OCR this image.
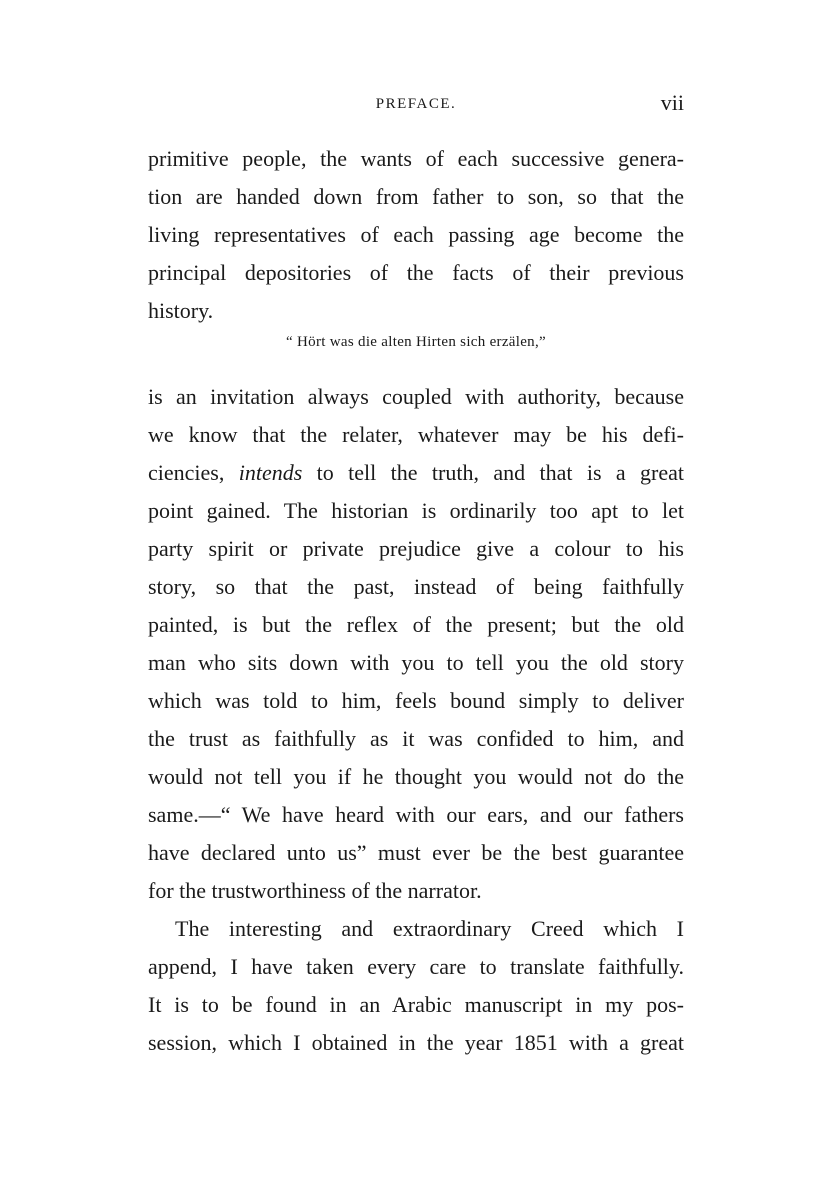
PREFACE.	vii
primitive people, the wants of each successive genera-
tion are handed down from father to son, so that the
living representatives of each passing age become the
principal depositories of the facts of their previous
history.
“ Hört was die alten Hirten sich erzälen,”
is an invitation always coupled with authority, because
we know that the relater, whatever may be his defi-
ciencies, intends to tell the truth, and that is a great
point gained. The historian is ordinarily too apt to let
party spirit or private prejudice give a colour to his
story, so that the past, instead of being faithfully
painted, is but the reflex of the present; but the old
man who sits down with you to tell you the old story
which was told to him, feels bound simply to deliver
the trust as faithfully as it was confided to him, and
would not tell you if he thought you would not do the
same.—“ We have heard with our ears, and our fathers
have declared unto us” must ever be the best guarantee
for the trustworthiness of the narrator.
The interesting and extraordinary Creed which I
append, I have taken every care to translate faithfully.
It is to be found in an Arabic manuscript in my pos-
session, which I obtained in the year 1851 with a great
